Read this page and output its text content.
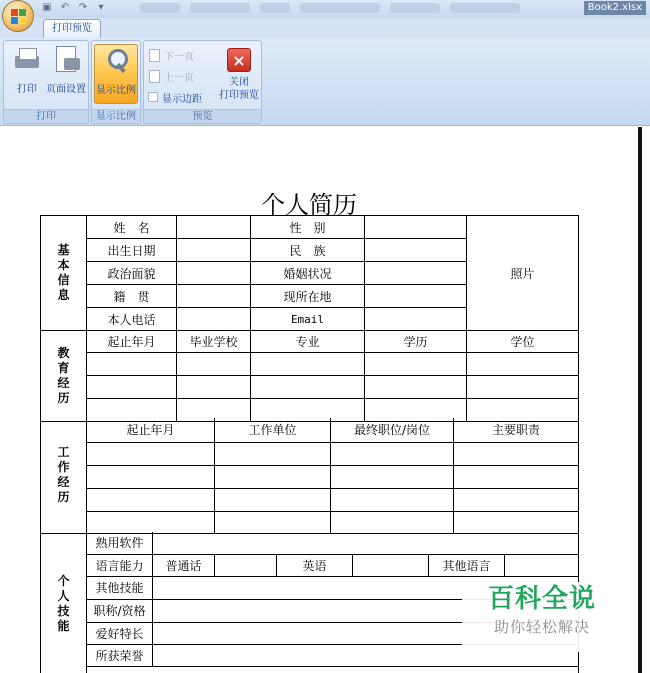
▣ ↶ ↷	▾	Book2.xlsx
打印预览
打印 页面设置
打印
显示比例
显示比例
下一页
上一页
显示边距
×
关闭
打印预览
预览
个人简历
基
本
信
息	姓　名		性　别		照片
	出生日期		民　族		
	政治面貌		婚姻状况		
	籍　贯		现所在地		
	本人电话		Email		

教
育
经
历	起止年月	毕业学校	专业	学历	学位

工
作
经
历	起止年月	工作单位	最终职位/岗位	主要职责

个
人
技
能	熟用软件						
	语言能力	普通话		英语		其他语言	
	其他技能						
	职称/资格						
	爱好特长						
	所获荣誉						

百科全说
助你轻松解决
